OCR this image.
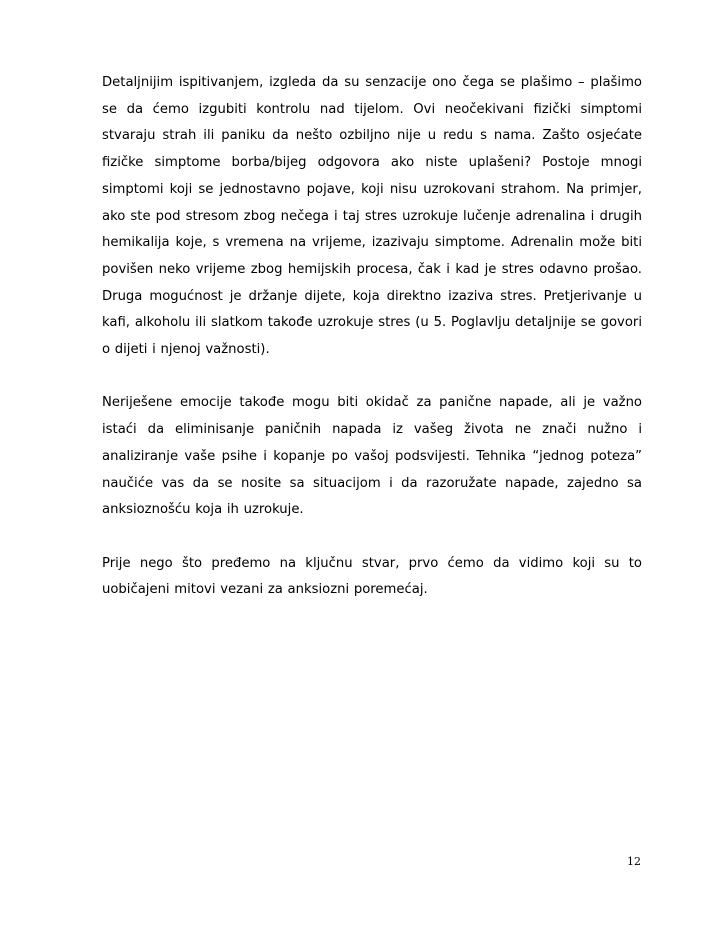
Detaljnijim ispitivanjem, izgleda da su senzacije ono čega se plašimo – plašimo se da ćemo izgubiti kontrolu nad tijelom. Ovi neočekivani fizički simptomi stvaraju strah ili paniku da nešto ozbiljno nije u redu s nama. Zašto osjećate fizičke simptome borba/bijeg odgovora ako niste uplašeni? Postoje mnogi simptomi koji se jednostavno pojave, koji nisu uzrokovani strahom. Na primjer, ako ste pod stresom zbog nečega i taj stres uzrokuje lučenje adrenalina i drugih hemikalija koje, s vremena na vrijeme, izazivaju simptome. Adrenalin može biti povišen neko vrijeme zbog hemijskih procesa, čak i kad je stres odavno prošao. Druga mogućnost je držanje dijete, koja direktno izaziva stres. Pretjerivanje u kafi, alkoholu ili slatkom takođe uzrokuje stres (u 5. Poglavlju detaljnije se govori o dijeti i njenoj važnosti).

Neriješene emocije takođe mogu biti okidač za panične napade, ali je važno istaći da eliminisanje paničnih napada iz vašeg života ne znači nužno i analiziranje vaše psihe i kopanje po vašoj podsvijesti. Tehnika “jednog poteza” naučiće vas da se nosite sa situacijom i da razoružate napade, zajedno sa anksioznošću koja ih uzrokuje.

Prije nego što pređemo na ključnu stvar, prvo ćemo da vidimo koji su to uobičajeni mitovi vezani za anksiozni poremećaj.

12
